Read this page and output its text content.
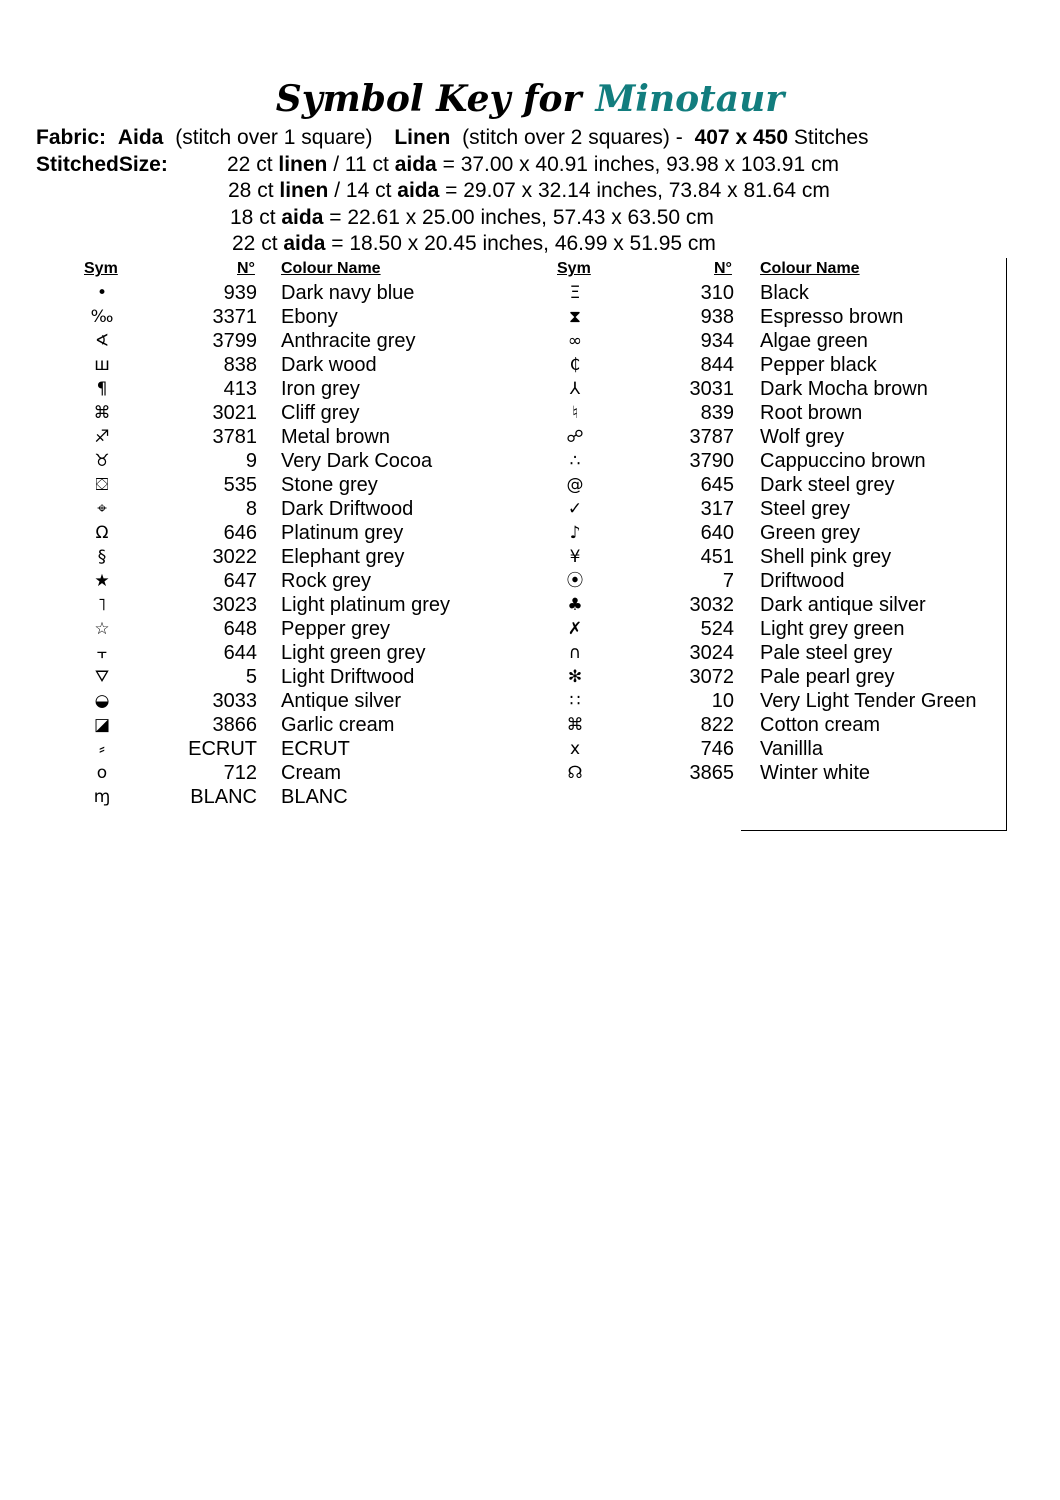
Symbol Key for Minotaur
Fabric: Aida (stitch over 1 square) Linen (stitch over 2 squares) - 407 x 450 Stitches
StitchedSize:	22 ct linen / 11 ct aida = 37.00 x 40.91 inches, 93.98 x 103.91 cm
28 ct linen / 14 ct aida = 29.07 x 32.14 inches, 73.84 x 81.64 cm
18 ct aida = 22.61 x 25.00 inches, 57.43 x 63.50 cm
22 ct aida = 18.50 x 20.45 inches, 46.99 x 51.95 cm
Sym	N° Colour Name	Sym	N° Colour Name
•	939 Dark navy blue
‰	3371 Ebony
∢	3799 Anthracite grey
ш	838 Dark wood
¶	413 Iron grey
⌘	3021 Cliff grey
♐	3781 Metal brown
♉	9 Very Dark Cocoa
⛋	535 Stone grey
⌖	8 Dark Driftwood
Ω	646 Platinum grey
§	3022 Elephant grey
★	647 Rock grey
˥	3023 Light platinum grey
☆	648 Pepper grey
⫟	644 Light green grey
⛛	5 Light Driftwood
◒	3033 Antique silver
◪	3866 Garlic cream
⸗	ECRUT ECRUT
o	712 Cream
ɱ	BLANC BLANC
Ξ	310 Black
⧗	938 Espresso brown
∞	934 Algae green
₵	844 Pepper black
⅄	3031 Dark Mocha brown
♮	839 Root brown
☍	3787 Wolf grey
∴	3790 Cappuccino brown
@	645 Dark steel grey
✓	317 Steel grey
♪	640 Green grey
¥	451 Shell pink grey
⦿	7 Driftwood
♣	3032 Dark antique silver
✗	524 Light grey green
∩	3024 Pale steel grey
✻	3072 Pale pearl grey
∷	10 Very Light Tender Green
⌘	822 Cotton cream
x	746 Vanillla
☊	3865 Winter white
